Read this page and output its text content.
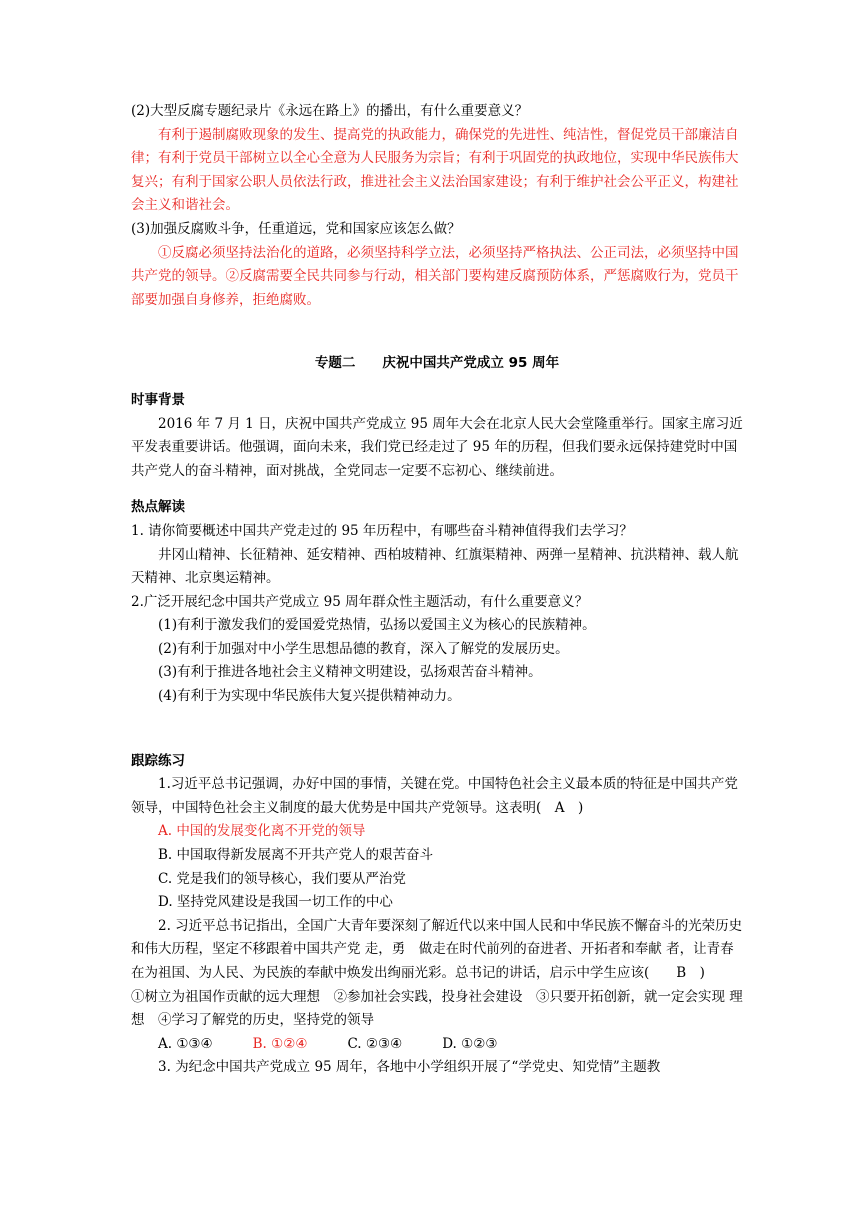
(2)大型反腐专题纪录片《永远在路上》的播出，有什么重要意义？

有利于遏制腐败现象的发生、提高党的执政能力，确保党的先进性、纯洁性，督促党员干部廉洁自律；有利于党员干部树立以全心全意为人民服务为宗旨；有利于巩固党的执政地位，实现中华民族伟大复兴；有利于国家公职人员依法行政，推进社会主义法治国家建设；有利于维护社会公平正义，构建社会主义和谐社会。

(3)加强反腐败斗争，任重道远，党和国家应该怎么做？

①反腐必须坚持法治化的道路，必须坚持科学立法，必须坚持严格执法、公正司法，必须坚持中国共产党的领导。②反腐需要全民共同参与行动，相关部门要构建反腐预防体系，严惩腐败行为，党员干部要加强自身修养，拒绝腐败。

专题二　　庆祝中国共产党成立 95 周年

时事背景

2016 年 7 月 1 日，庆祝中国共产党成立 95 周年大会在北京人民大会堂隆重举行。国家主席习近平发表重要讲话。他强调，面向未来，我们党已经走过了 95 年的历程，但我们要永远保持建党时中国共产党人的奋斗精神，面对挑战，全党同志一定要不忘初心、继续前进。

热点解读

1. 请你简要概述中国共产党走过的 95 年历程中，有哪些奋斗精神值得我们去学习？

井冈山精神、长征精神、延安精神、西柏坡精神、红旗渠精神、两弹一星精神、抗洪精神、载人航天精神、北京奥运精神。

2.广泛开展纪念中国共产党成立 95 周年群众性主题活动，有什么重要意义？

(1)有利于激发我们的爱国爱党热情，弘扬以爱国主义为核心的民族精神。

(2)有利于加强对中小学生思想品德的教育，深入了解党的发展历史。

(3)有利于推进各地社会主义精神文明建设，弘扬艰苦奋斗精神。

(4)有利于为实现中华民族伟大复兴提供精神动力。

跟踪练习

1.习近平总书记强调，办好中国的事情，关键在党。中国特色社会主义最本质的特征是中国共产党领导，中国特色社会主义制度的最大优势是中国共产党领导。这表明(　A　)

A. 中国的发展变化离不开党的领导

B. 中国取得新发展离不开共产党人的艰苦奋斗

C. 党是我们的领导核心，我们要从严治党

D. 坚持党风建设是我国一切工作的中心

2. 习近平总书记指出，全国广大青年要深刻了解近代以来中国人民和中华民族不懈奋斗的光荣历史和伟大历程，坚定不移跟着中国共产党 走，勇　做走在时代前列的奋进者、开拓者和奉献 者，让青春在为祖国、为人民、为民族的奉献中焕发出绚丽光彩。总书记的讲话，启示中学生应该(　　B　)

①树立为祖国作贡献的远大理想　②参加社会实践，投身社会建设　③只要开拓创新，就一定会实现 理想　④学习了解党的历史，坚持党的领导

A. ①③④	B. ①②④	C. ②③④	D. ①②③

3. 为纪念中国共产党成立 95 周年，各地中小学组织开展了“学党史、知党情”主题教
